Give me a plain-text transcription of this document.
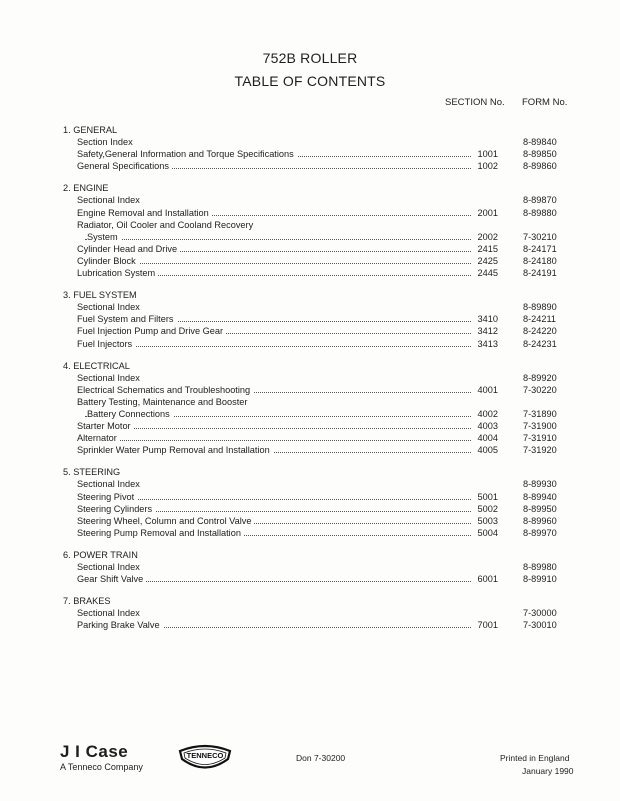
752B ROLLER
TABLE OF CONTENTS
SECTION No. FORM No.
1. GENERAL
Section Index	8-89840
Safety,General Information and Torque Specifications	1001	8-89850
General Specifications	1002	8-89860
2. ENGINE
Sectional Index	8-89870
Engine Removal and Installation	2001	8-89880
Radiator, Oil Cooler and Cooland Recovery
System	2002	7-30210
Cylinder Head and Drive	2415	8-24171
Cylinder Block	2425	8-24180
Lubrication System	2445	8-24191
3. FUEL SYSTEM
Sectional Index	8-89890
Fuel System and Filters	3410	8-24211
Fuel Injection Pump and Drive Gear	3412	8-24220
Fuel Injectors	3413	8-24231
4. ELECTRICAL
Sectional Index	8-89920
Electrical Schematics and Troubleshooting	4001	7-30220
Battery Testing, Maintenance and Booster
Battery Connections	4002	7-31890
Starter Motor	4003	7-31900
Alternator	4004	7-31910
Sprinkler Water Pump Removal and Installation	4005	7-31920
5. STEERING
Sectional Index	8-89930
Steering Pivot	5001	8-89940
Steering Cylinders	5002	8-89950
Steering Wheel, Column and Control Valve	5003	8-89960
Steering Pump Removal and Installation	5004	8-89970
6. POWER TRAIN
Sectional Index	8-89980
Gear Shift Valve	6001	8-89910
7. BRAKES
Sectional Index	7-30000
Parking Brake Valve	7001	7-30010
J I Case
A Tenneco Company
TENNECO	Don 7-30200	Printed in England
January 1990
